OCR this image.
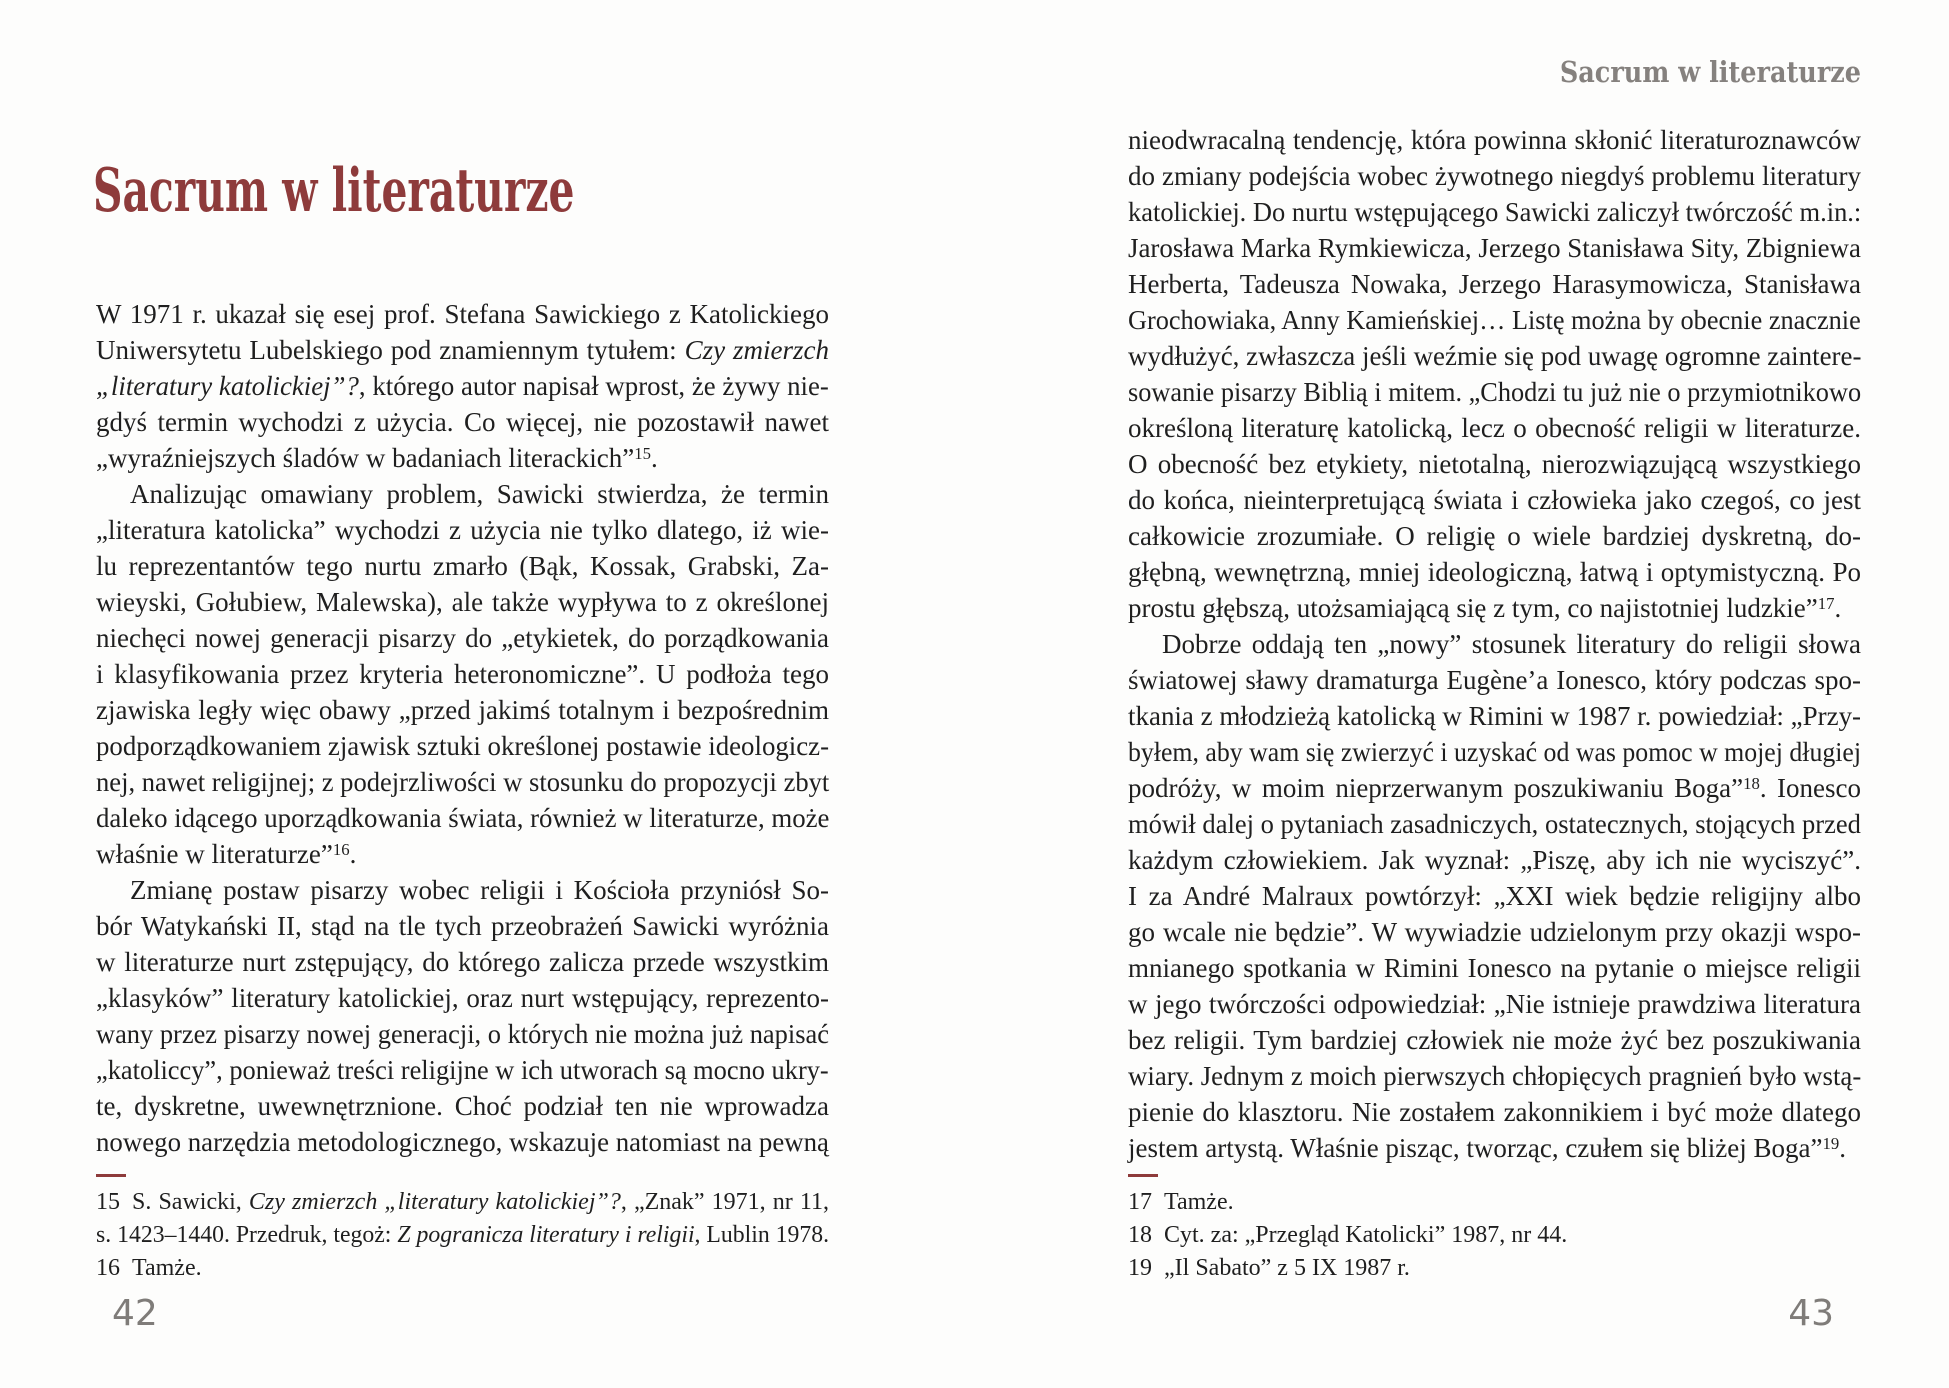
Sacrum w literaturze
W 1971 r. ukazał się esej prof. Stefana Sawickiego z Katolickiego
Uniwersytetu Lubelskiego pod znamiennym tytułem: Czy zmierzch
„literatury katolickiej”?, którego autor napisał wprost, że żywy nie-
gdyś termin wychodzi z użycia. Co więcej, nie pozostawił nawet
„wyraźniejszych śladów w badaniach literackich”$^{15}$.
Analizując omawiany problem, Sawicki stwierdza, że termin
„literatura katolicka” wychodzi z użycia nie tylko dlatego, iż wie-
lu reprezentantów tego nurtu zmarło (Bąk, Kossak, Grabski, Za-
wieyski, Gołubiew, Malewska), ale także wypływa to z określonej
niechęci nowej generacji pisarzy do „etykietek, do porządkowania
i klasyfikowania przez kryteria heteronomiczne”. U podłoża tego
zjawiska legły więc obawy „przed jakimś totalnym i bezpośrednim
podporządkowaniem zjawisk sztuki określonej postawie ideologicz-
nej, nawet religijnej; z podejrzliwości w stosunku do propozycji zbyt
daleko idącego uporządkowania świata, również w literaturze, może
właśnie w literaturze”$^{16}$.
Zmianę postaw pisarzy wobec religii i Kościoła przyniósł So-
bór Watykański II, stąd na tle tych przeobrażeń Sawicki wyróżnia
w literaturze nurt zstępujący, do którego zalicza przede wszystkim
„klasyków” literatury katolickiej, oraz nurt wstępujący, reprezento-
wany przez pisarzy nowej generacji, o których nie można już napisać
„katoliccy”, ponieważ treści religijne w ich utworach są mocno ukry-
te, dyskretne, uwewnętrznione. Choć podział ten nie wprowadza
nowego narzędzia metodologicznego, wskazuje natomiast na pewną
15 S. Sawicki, Czy zmierzch „literatury katolickiej”?, „Znak” 1971, nr 11,
s. 1423–1440. Przedruk, tegoż: Z pogranicza literatury i religii, Lublin 1978.
16 Tamże.
42
Sacrum w literaturze
nieodwracalną tendencję, która powinna skłonić literaturoznawców
do zmiany podejścia wobec żywotnego niegdyś problemu literatury
katolickiej. Do nurtu wstępującego Sawicki zaliczył twórczość m.in.:
Jarosława Marka Rymkiewicza, Jerzego Stanisława Sity, Zbigniewa
Herberta, Tadeusza Nowaka, Jerzego Harasymowicza, Stanisława
Grochowiaka, Anny Kamieńskiej… Listę można by obecnie znacznie
wydłużyć, zwłaszcza jeśli weźmie się pod uwagę ogromne zaintere-
sowanie pisarzy Biblią i mitem. „Chodzi tu już nie o przymiotnikowo
określoną literaturę katolicką, lecz o obecność religii w literaturze.
O obecność bez etykiety, nietotalną, nierozwiązującą wszystkiego
do końca, nieinterpretującą świata i człowieka jako czegoś, co jest
całkowicie zrozumiałe. O religię o wiele bardziej dyskretną, do-
głębną, wewnętrzną, mniej ideologiczną, łatwą i optymistyczną. Po
prostu głębszą, utożsamiającą się z tym, co najistotniej ludzkie”$^{17}$.
Dobrze oddają ten „nowy” stosunek literatury do religii słowa
światowej sławy dramaturga Eugène’a Ionesco, który podczas spo-
tkania z młodzieżą katolicką w Rimini w 1987 r. powiedział: „Przy-
byłem, aby wam się zwierzyć i uzyskać od was pomoc w mojej długiej
podróży, w moim nieprzerwanym poszukiwaniu Boga”$^{18}$. Ionesco
mówił dalej o pytaniach zasadniczych, ostatecznych, stojących przed
każdym człowiekiem. Jak wyznał: „Piszę, aby ich nie wyciszyć”.
I za André Malraux powtórzył: „XXI wiek będzie religijny albo
go wcale nie będzie”. W wywiadzie udzielonym przy okazji wspo-
mnianego spotkania w Rimini Ionesco na pytanie o miejsce religii
w jego twórczości odpowiedział: „Nie istnieje prawdziwa literatura
bez religii. Tym bardziej człowiek nie może żyć bez poszukiwania
wiary. Jednym z moich pierwszych chłopięcych pragnień było wstą-
pienie do klasztoru. Nie zostałem zakonnikiem i być może dlatego
jestem artystą. Właśnie pisząc, tworząc, czułem się bliżej Boga”$^{19}$.
17 Tamże.
18 Cyt. za: „Przegląd Katolicki” 1987, nr 44.
19 „Il Sabato” z 5 IX 1987 r.
43
